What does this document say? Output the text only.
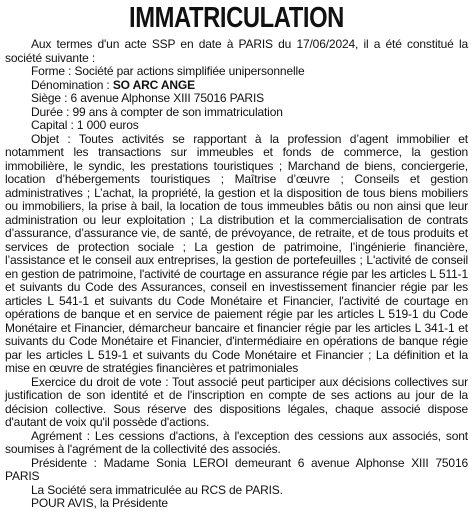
IMMATRICULATION

Aux termes d'un acte SSP en date à PARIS du 17/06/2024, il a été constitué la société suivante :

Forme : Société par actions simplifiée unipersonnelle

Dénomination : SO ARC ANGE

Siège : 6 avenue Alphonse XIII 75016 PARIS

Durée : 99 ans à compter de son immatriculation

Capital : 1 000 euros

Objet : Toutes activités se rapportant à la profession d’agent immobilier et notamment les transactions sur immeubles et fonds de commerce, la gestion immobilière, le syndic, les prestations touristiques ; Marchand de biens, conciergerie, location d’hébergements touristiques ; Maîtrise d’œuvre ; Conseils et gestion administratives ; L’achat, la propriété, la gestion et la disposition de tous biens mobiliers ou immobiliers, la prise à bail, la location de tous immeubles bâtis ou non ainsi que leur administration ou leur exploitation ; La distribution et la commercialisation de contrats d’assurance, d’assurance vie, de santé, de prévoyance, de retraite, et de tous produits et services de protection sociale ; La gestion de patrimoine, l’ingénierie financière, l’assistance et le conseil aux entreprises, la gestion de portefeuilles ; L'activité de conseil en gestion de patrimoine, l'activité de courtage en assurance régie par les articles L 511-1 et suivants du Code des Assurances, conseil en investissement financier régie par les articles L 541-1 et suivants du Code Monétaire et Financier, l'activité de courtage en opérations de banque et en service de paiement régie par les articles L 519-1 du Code Monétaire et Financier, démarcheur bancaire et financier régie par les articles L 341-1 et suivants du Code Monétaire et Financier, d'intermédiaire en opérations de banque régie par les articles L 519-1 et suivants du Code Monétaire et Financier ; La définition et la mise en œuvre de stratégies financières et patrimoniales

Exercice du droit de vote : Tout associé peut participer aux décisions collectives sur justification de son identité et de l'inscription en compte de ses actions au jour de la décision collective. Sous réserve des dispositions légales, chaque associé dispose d'autant de voix qu'il possède d'actions.

Agrément : Les cessions d'actions, à l'exception des cessions aux associés, sont soumises à l'agrément de la collectivité des associés.

Présidente : Madame Sonia LEROI demeurant 6 avenue Alphonse XIII 75016 PARIS

La Société sera immatriculée au RCS de PARIS.

POUR AVIS, la Présidente
